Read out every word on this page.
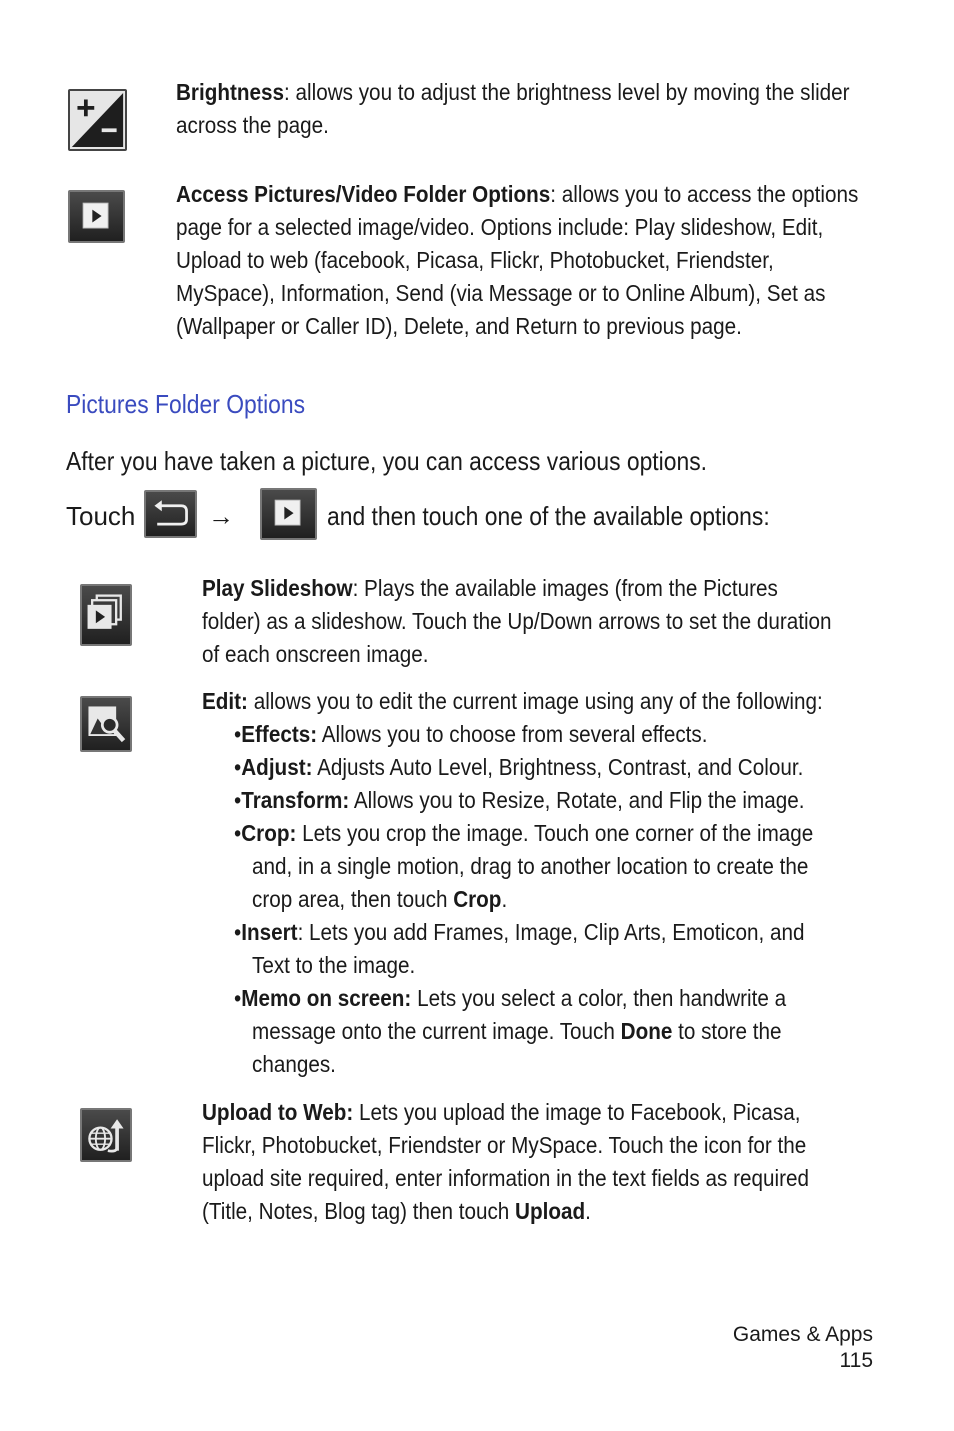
Brightness: allows you to adjust the brightness level by moving the slider
across the page.
Access Pictures/Video Folder Options: allows you to access the options
page for a selected image/video. Options include: Play slideshow, Edit,
Upload to web (facebook, Picasa, Flickr, Photobucket, Friendster,
MySpace), Information, Send (via Message or to Online Album), Set as
(Wallpaper or Caller ID), Delete, and Return to previous page.
Pictures Folder Options
After you have taken a picture, you can access various options.
Touch	→	and then touch one of the available options:
Play Slideshow: Plays the available images (from the Pictures
folder) as a slideshow. Touch the Up/Down arrows to set the duration
of each onscreen image.
Edit: allows you to edit the current image using any of the following:
•Effects: Allows you to choose from several effects.
•Adjust: Adjusts Auto Level, Brightness, Contrast, and Colour.
•Transform: Allows you to Resize, Rotate, and Flip the image.
•Crop: Lets you crop the image. Touch one corner of the image
and, in a single motion, drag to another location to create the
crop area, then touch Crop.
•Insert: Lets you add Frames, Image, Clip Arts, Emoticon, and
Text to the image.
•Memo on screen: Lets you select a color, then handwrite a
message onto the current image. Touch Done to store the
changes.
Upload to Web: Lets you upload the image to Facebook, Picasa,
Flickr, Photobucket, Friendster or MySpace. Touch the icon for the
upload site required, enter information in the text fields as required
(Title, Notes, Blog tag) then touch Upload.
Games & Apps
115
